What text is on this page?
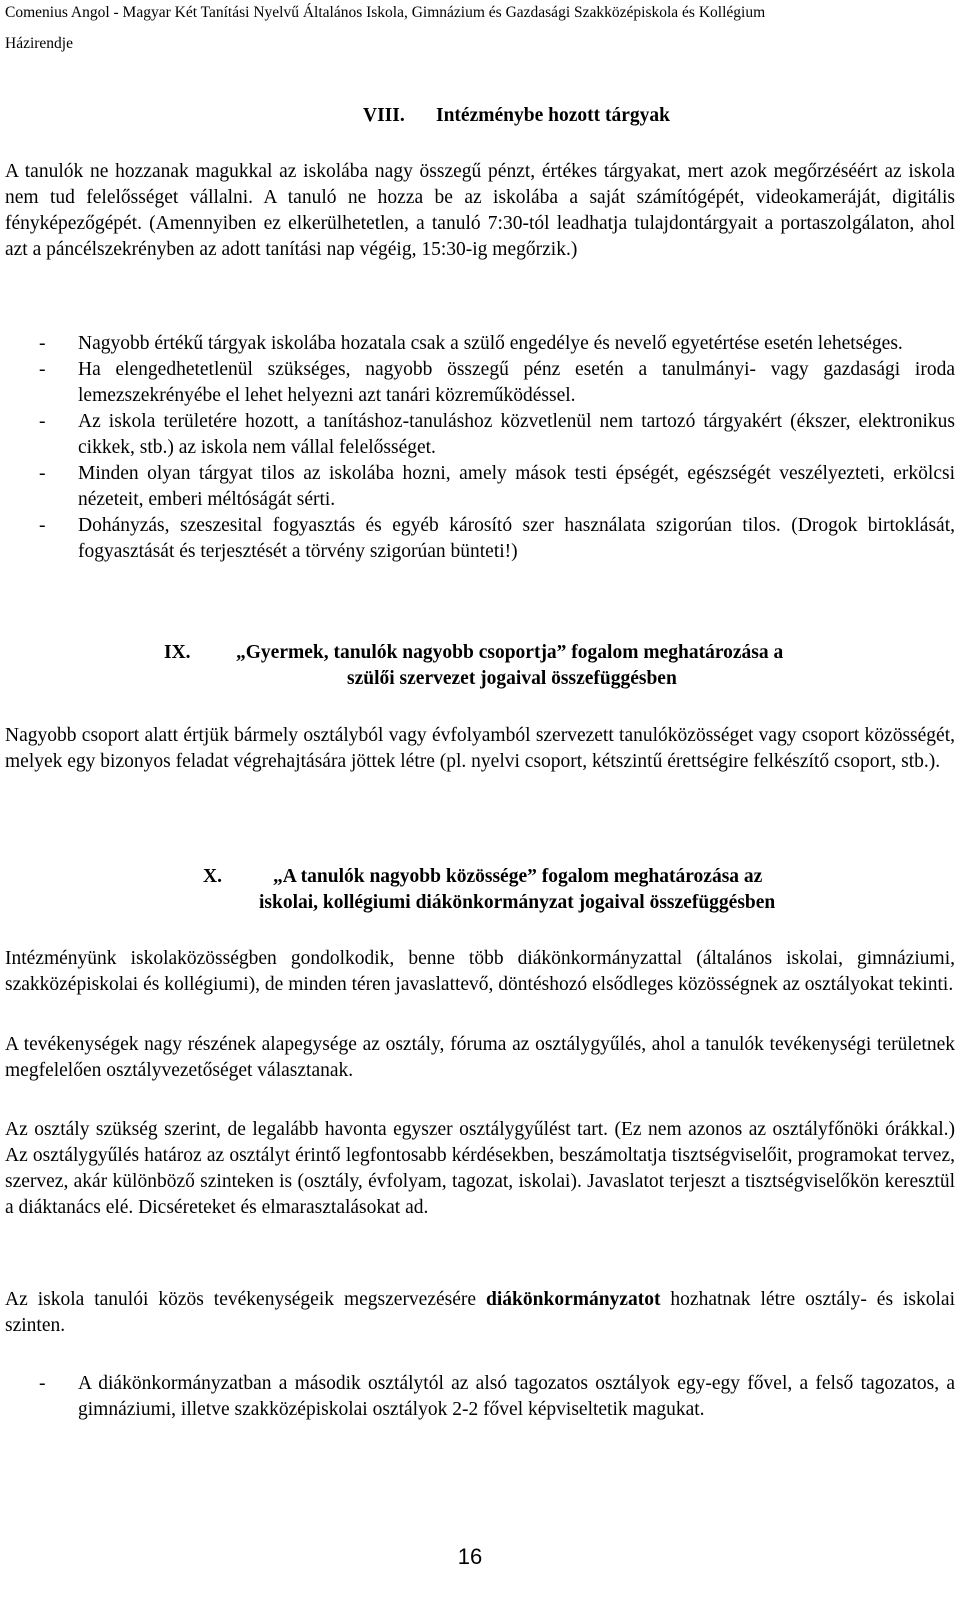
Comenius Angol - Magyar Két Tanítási Nyelvű Általános Iskola, Gimnázium és Gazdasági Szakközépiskola és Kollégium
Házirendje
VIII. Intézménybe hozott tárgyak

A tanulók ne hozzanak magukkal az iskolába nagy összegű pénzt, értékes tárgyakat, mert azok megőrzéséért az iskola nem tud felelősséget vállalni. A tanuló ne hozza be az iskolába a saját számítógépét, videokameráját, digitális fényképezőgépét. (Amennyiben ez elkerülhetetlen, a tanuló 7:30-tól leadhatja tulajdontárgyait a portaszolgálaton, ahol azt a páncélszekrényben az adott tanítási nap végéig, 15:30-ig megőrzik.)

- Nagyobb értékű tárgyak iskolába hozatala csak a szülő engedélye és nevelő egyetértése esetén lehetséges.
- Ha elengedhetetlenül szükséges, nagyobb összegű pénz esetén a tanulmányi- vagy gazdasági iroda lemezszekrényébe el lehet helyezni azt tanári közreműködéssel.
- Az iskola területére hozott, a tanításhoz-tanuláshoz közvetlenül nem tartozó tárgyakért (ékszer, elektronikus cikkek, stb.) az iskola nem vállal felelősséget.
- Minden olyan tárgyat tilos az iskolába hozni, amely mások testi épségét, egészségét veszélyezteti, erkölcsi nézeteit, emberi méltóságát sérti.
- Dohányzás, szeszesital fogyasztás és egyéb károsító szer használata szigorúan tilos. (Drogok birtoklását, fogyasztását és terjesztését a törvény szigorúan bünteti!)
IX. „Gyermek, tanulók nagyobb csoportja” fogalom meghatározása a
szülői szervezet jogaival összefüggésben

Nagyobb csoport alatt értjük bármely osztályból vagy évfolyamból szervezett tanulóközösséget vagy csoport közösségét, melyek egy bizonyos feladat végrehajtására jöttek létre (pl. nyelvi csoport, kétszintű érettségire felkészítő csoport, stb.).

X.	„A tanulók nagyobb közössége” fogalom meghatározása az
iskolai, kollégiumi diákönkormányzat jogaival összefüggésben

Intézményünk iskolaközösségben gondolkodik, benne több diákönkormányzattal (általános iskolai, gimnáziumi, szakközépiskolai és kollégiumi), de minden téren javaslattevő, döntéshozó elsődleges közösségnek az osztályokat tekinti.

A tevékenységek nagy részének alapegysége az osztály, fóruma az osztálygyűlés, ahol a tanulók tevékenységi területnek megfelelően osztályvezetőséget választanak.

Az osztály szükség szerint, de legalább havonta egyszer osztálygyűlést tart. (Ez nem azonos az osztályfőnöki órákkal.) Az osztálygyűlés határoz az osztályt érintő legfontosabb kérdésekben, beszámoltatja tisztségviselőit, programokat tervez, szervez, akár különböző szinteken is (osztály, évfolyam, tagozat, iskolai). Javaslatot terjeszt a tisztségviselőkön keresztül a diáktanács elé. Dicséreteket és elmarasztalásokat ad.

Az iskola tanulói közös tevékenységeik megszervezésére diákönkormányzatot hozhatnak létre osztály- és iskolai szinten.

- A diákönkormányzatban a második osztálytól az alsó tagozatos osztályok egy-egy fővel, a felső tagozatos, a gimnáziumi, illetve szakközépiskolai osztályok 2-2 fővel képviseltetik magukat.
16
